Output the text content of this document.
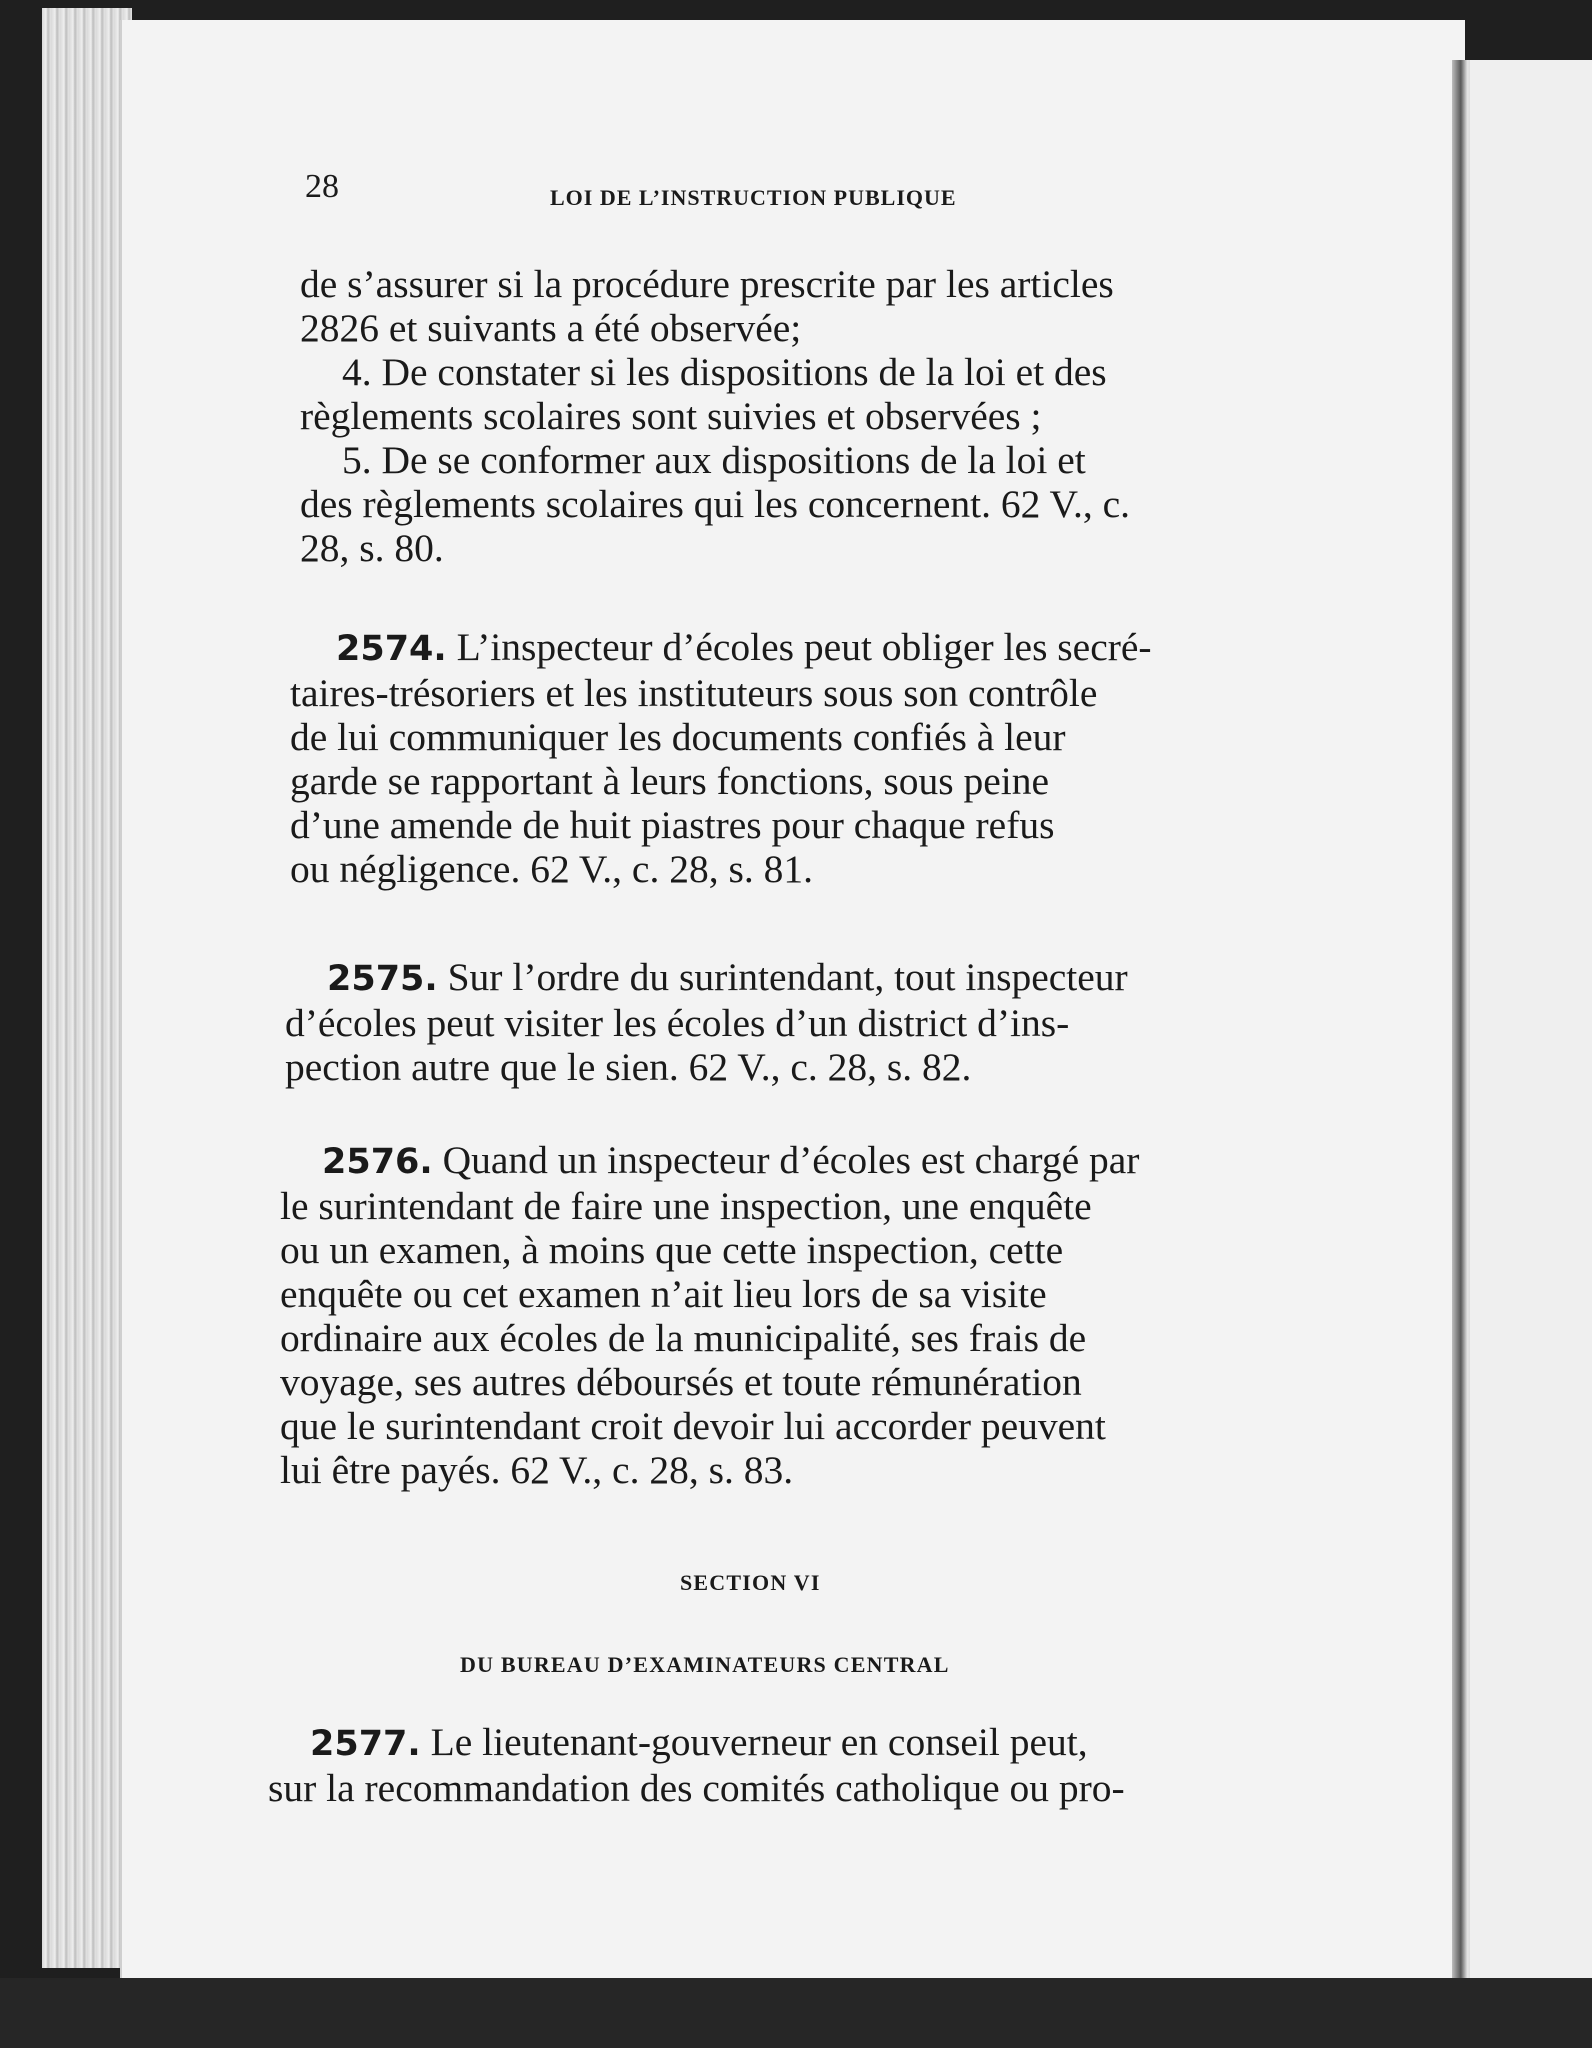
28	LOI DE L’INSTRUCTION PUBLIQUE
de s’assurer si la procédure prescrite par les articles
2826 et suivants a été observée;
4. De constater si les dispositions de la loi et des
règlements scolaires sont suivies et observées ;
5. De se conformer aux dispositions de la loi et
des règlements scolaires qui les concernent. 62 V., c.
28, s. 80.
2574. L’inspecteur d’écoles peut obliger les secré-
taires-trésoriers et les instituteurs sous son contrôle
de lui communiquer les documents confiés à leur
garde se rapportant à leurs fonctions, sous peine
d’une amende de huit piastres pour chaque refus
ou négligence. 62 V., c. 28, s. 81.
2575. Sur l’ordre du surintendant, tout inspecteur
d’écoles peut visiter les écoles d’un district d’ins-
pection autre que le sien. 62 V., c. 28, s. 82.
2576. Quand un inspecteur d’écoles est chargé par
le surintendant de faire une inspection, une enquête
ou un examen, à moins que cette inspection, cette
enquête ou cet examen n’ait lieu lors de sa visite
ordinaire aux écoles de la municipalité, ses frais de
voyage, ses autres déboursés et toute rémunération
que le surintendant croit devoir lui accorder peuvent
lui être payés. 62 V., c. 28, s. 83.
SECTION VI
DU BUREAU D’EXAMINATEURS CENTRAL
2577. Le lieutenant-gouverneur en conseil peut,
sur la recommandation des comités catholique ou pro-
